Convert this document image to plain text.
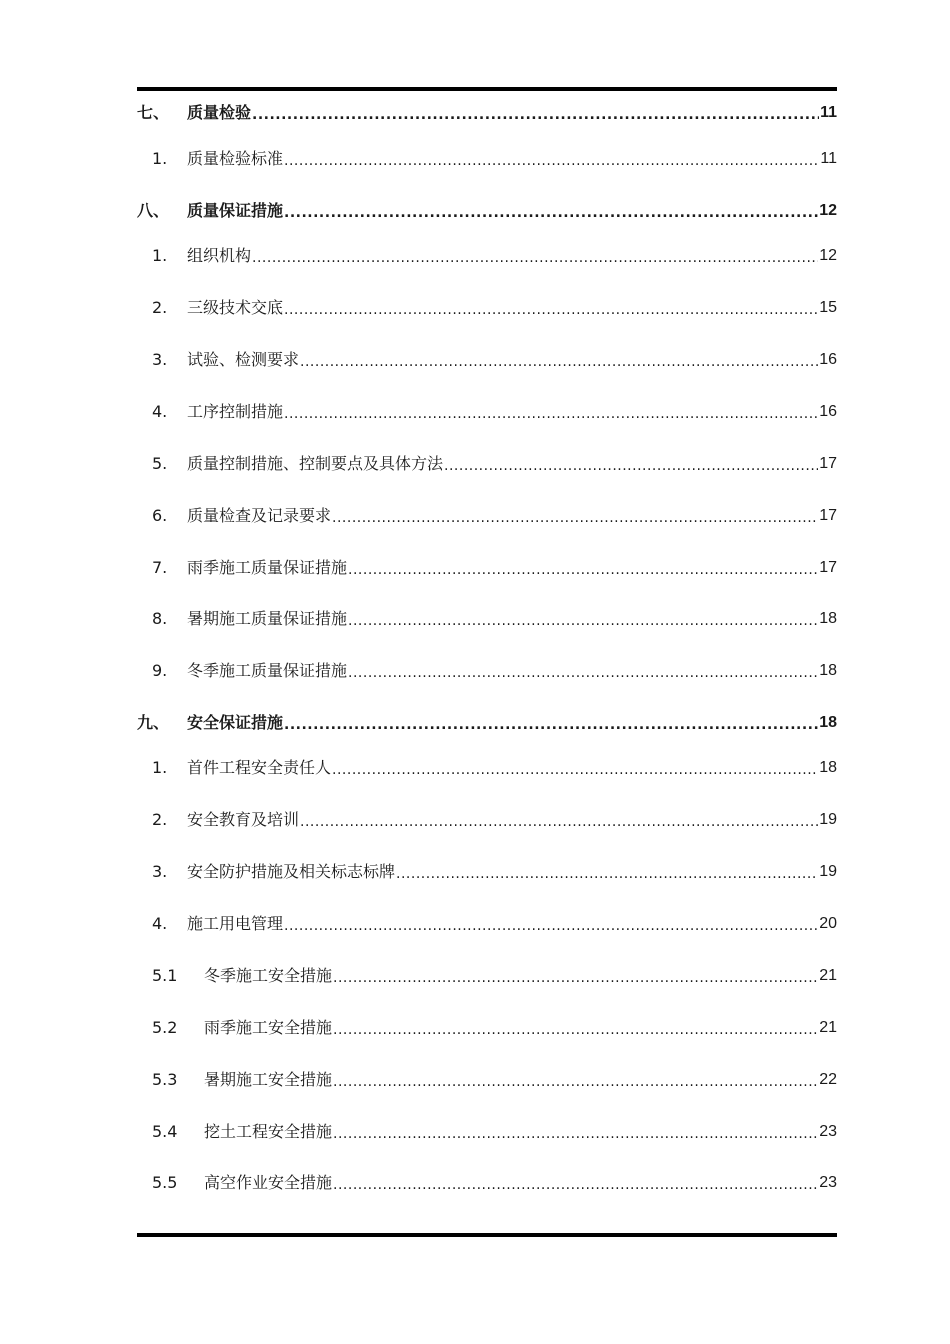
七、	质量检验 .....	11
1.	质量检验标准 .....	11
八、	质量保证措施 .....	12
1.	组织机构 .....	12
2.	三级技术交底 .....	15
3.	试验、检测要求 .....	16
4.	工序控制措施 .....	16
5.	质量控制措施、控制要点及具体方法 .....	17
6.	质量检查及记录要求 .....	17
7.	雨季施工质量保证措施 .....	17
8.	暑期施工质量保证措施 .....	18
9.	冬季施工质量保证措施 .....	18
九、	安全保证措施 .....	18
1.	首件工程安全责任人 .....	18
2.	安全教育及培训 .....	19
3.	安全防护措施及相关标志标牌 .....	19
4.	施工用电管理 .....	20
5.1	冬季施工安全措施 .....	21
5.2	雨季施工安全措施 .....	21
5.3	暑期施工安全措施 .....	22
5.4	挖土工程安全措施 .....	23
5.5	高空作业安全措施 .....	23
